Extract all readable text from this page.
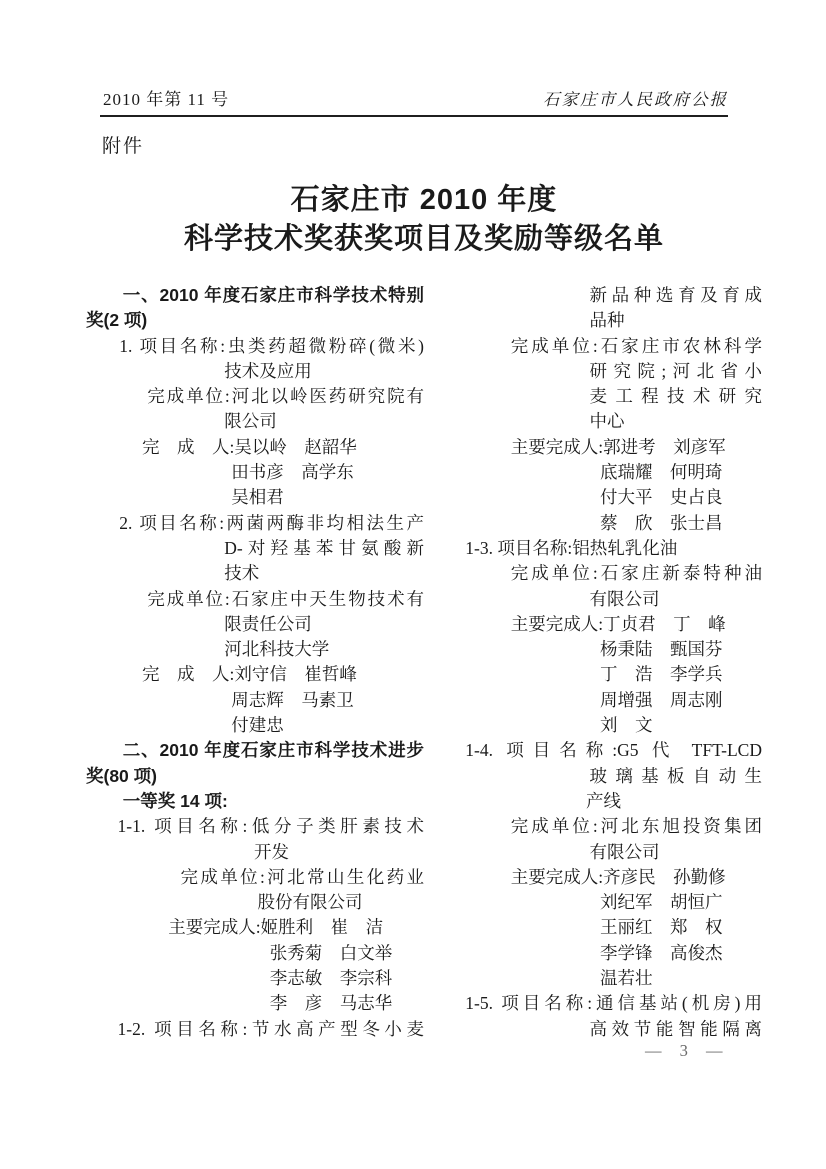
2010 年第 11 号	石家庄市人民政府公报
附件
石家庄市 2010 年度
科学技术奖获奖项目及奖励等级名单
一、2010 年度石家庄市科学技术特别
奖(2 项)
1. 项目名称:虫类药超微粉碎(微米)
技术及应用
完成单位:河北以岭医药研究院有
限公司
完　成　人:吴以岭　赵韶华
田书彦　高学东
吴相君
2. 项目名称:两菌两酶非均相法生产
D-对羟基苯甘氨酸新
技术
完成单位:石家庄中天生物技术有
限责任公司
河北科技大学
完　成　人:刘守信　崔哲峰
周志辉　马素卫
付建忠
二、2010 年度石家庄市科学技术进步
奖(80 项)
一等奖 14 项:
1-1. 项目名称:低分子类肝素技术
开发
完成单位:河北常山生化药业
股份有限公司
主要完成人:姬胜利　崔　洁
张秀菊　白文举
李志敏　李宗科
李　彦　马志华
1-2. 项目名称:节水高产型冬小麦
新品种选育及育成
品种
完成单位:石家庄市农林科学
研究院;河北省小
麦工程技术研究
中心
主要完成人:郭进考　刘彦军
底瑞耀　何明琦
付大平　史占良
蔡　欣　张士昌
1-3. 项目名称:铝热轧乳化油
完成单位:石家庄新泰特种油
有限公司
主要完成人:丁贞君　丁　峰
杨秉陆　甄国芬
丁　浩　李学兵
周增强　周志刚
刘　文
1-4. 项目名称:G5 代 TFT-LCD
玻璃基板自动生
产线
完成单位:河北东旭投资集团
有限公司
主要完成人:齐彦民　孙勤修
刘纪军　胡恒广
王丽红　郑　权
李学锋　高俊杰
温若壮
1-5. 项目名称:通信基站(机房)用
高效节能智能隔离
— 3 —
